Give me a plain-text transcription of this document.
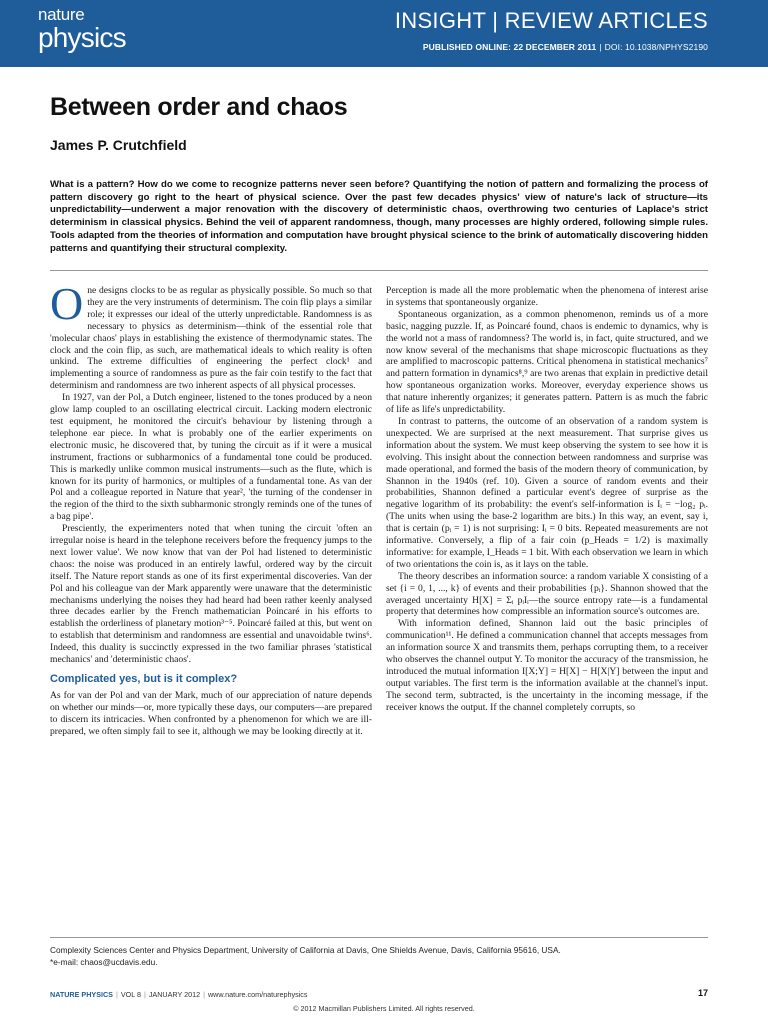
nature
physics
INSIGHT | REVIEW ARTICLES
PUBLISHED ONLINE: 22 DECEMBER 2011 | DOI: 10.1038/NPHYS2190
Between order and chaos
James P. Crutchfield
What is a pattern? How do we come to recognize patterns never seen before? Quantifying the notion of pattern and formalizing the process of pattern discovery go right to the heart of physical science. Over the past few decades physics' view of nature's lack of structure—its unpredictability—underwent a major renovation with the discovery of deterministic chaos, overthrowing two centuries of Laplace's strict determinism in classical physics. Behind the veil of apparent randomness, though, many processes are highly ordered, following simple rules. Tools adapted from the theories of information and computation have brought physical science to the brink of automatically discovering hidden patterns and quantifying their structural complexity.

One designs clocks to be as regular as physically possible. So much so that they are the very instruments of determinism. The coin flip plays a similar role; it expresses our ideal of the utterly unpredictable. Randomness is as necessary to physics as determinism—think of the essential role that 'molecular chaos' plays in establishing the existence of thermodynamic states. The clock and the coin flip, as such, are mathematical ideals to which reality is often unkind. The extreme difficulties of engineering the perfect clock¹ and implementing a source of randomness as pure as the fair coin testify to the fact that determinism and randomness are two inherent aspects of all physical processes.

In 1927, van der Pol, a Dutch engineer, listened to the tones produced by a neon glow lamp coupled to an oscillating electrical circuit. Lacking modern electronic test equipment, he monitored the circuit's behaviour by listening through a telephone ear piece. In what is probably one of the earlier experiments on electronic music, he discovered that, by tuning the circuit as if it were a musical instrument, fractions or subharmonics of a fundamental tone could be produced. This is markedly unlike common musical instruments—such as the flute, which is known for its purity of harmonics, or multiples of a fundamental tone. As van der Pol and a colleague reported in Nature that year², 'the turning of the condenser in the region of the third to the sixth subharmonic strongly reminds one of the tunes of a bag pipe'.

Presciently, the experimenters noted that when tuning the circuit 'often an irregular noise is heard in the telephone receivers before the frequency jumps to the next lower value'. We now know that van der Pol had listened to deterministic chaos: the noise was produced in an entirely lawful, ordered way by the circuit itself. The Nature report stands as one of its first experimental discoveries. Van der Pol and his colleague van der Mark apparently were unaware that the deterministic mechanisms underlying the noises they had heard had been rather keenly analysed three decades earlier by the French mathematician Poincaré in his efforts to establish the orderliness of planetary motion³⁻⁵. Poincaré failed at this, but went on to establish that determinism and randomness are essential and unavoidable twins⁶. Indeed, this duality is succinctly expressed in the two familiar phrases 'statistical mechanics' and 'deterministic chaos'.

Complicated yes, but is it complex?

As for van der Pol and van der Mark, much of our appreciation of nature depends on whether our minds—or, more typically these days, our computers—are prepared to discern its intricacies. When confronted by a phenomenon for which we are ill-prepared, we often simply fail to see it, although we may be looking directly at it.

Perception is made all the more problematic when the phenomena of interest arise in systems that spontaneously organize.

Spontaneous organization, as a common phenomenon, reminds us of a more basic, nagging puzzle. If, as Poincaré found, chaos is endemic to dynamics, why is the world not a mass of randomness? The world is, in fact, quite structured, and we now know several of the mechanisms that shape microscopic fluctuations as they are amplified to macroscopic patterns. Critical phenomena in statistical mechanics⁷ and pattern formation in dynamics⁸,⁹ are two arenas that explain in predictive detail how spontaneous organization works. Moreover, everyday experience shows us that nature inherently organizes; it generates pattern. Pattern is as much the fabric of life as life's unpredictability.

In contrast to patterns, the outcome of an observation of a random system is unexpected. We are surprised at the next measurement. That surprise gives us information about the system. We must keep observing the system to see how it is evolving. This insight about the connection between randomness and surprise was made operational, and formed the basis of the modern theory of communication, by Shannon in the 1940s (ref. 10). Given a source of random events and their probabilities, Shannon defined a particular event's degree of surprise as the negative logarithm of its probability: the event's self-information is Iᵢ = −log₂ pᵢ. (The units when using the base-2 logarithm are bits.) In this way, an event, say i, that is certain (pᵢ = 1) is not surprising: Iᵢ = 0 bits. Repeated measurements are not informative. Conversely, a flip of a fair coin (p_Heads = 1/2) is maximally informative: for example, I_Heads = 1 bit. With each observation we learn in which of two orientations the coin is, as it lays on the table.

The theory describes an information source: a random variable X consisting of a set {i = 0, 1, ..., k} of events and their probabilities {pᵢ}. Shannon showed that the averaged uncertainty H[X] = Σᵢ pᵢIᵢ—the source entropy rate—is a fundamental property that determines how compressible an information source's outcomes are.

With information defined, Shannon laid out the basic principles of communication¹¹. He defined a communication channel that accepts messages from an information source X and transmits them, perhaps corrupting them, to a receiver who observes the channel output Y. To monitor the accuracy of the transmission, he introduced the mutual information I[X;Y] = H[X] − H[X|Y] between the input and output variables. The first term is the information available at the channel's input. The second term, subtracted, is the uncertainty in the incoming message, if the receiver knows the output. If the channel completely corrupts, so

Complexity Sciences Center and Physics Department, University of California at Davis, One Shields Avenue, Davis, California 95616, USA.
*e-mail: chaos@ucdavis.edu.
NATURE PHYSICS | VOL 8 | JANUARY 2012 | www.nature.com/naturephysics	17
© 2012 Macmillan Publishers Limited. All rights reserved.
